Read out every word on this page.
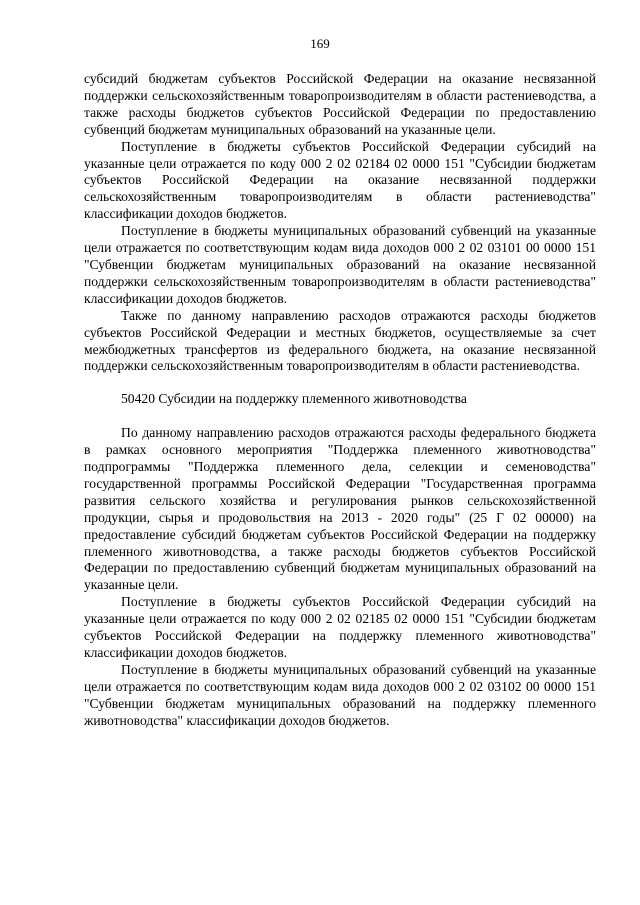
169

субсидий бюджетам субъектов Российской Федерации на оказание несвязанной поддержки сельскохозяйственным товаропроизводителям в области растениеводства, а также расходы бюджетов субъектов Российской Федерации по предоставлению субвенций бюджетам муниципальных образований на указанные цели.

Поступление в бюджеты субъектов Российской Федерации субсидий на указанные цели отражается по коду 000 2 02 02184 02 0000 151 "Субсидии бюджетам субъектов Российской Федерации на оказание несвязанной поддержки сельскохозяйственным товаропроизводителям в области растениеводства" классификации доходов бюджетов.

Поступление в бюджеты муниципальных образований субвенций на указанные цели отражается по соответствующим кодам вида доходов 000 2 02 03101 00 0000 151 "Субвенции бюджетам муниципальных образований на оказание несвязанной поддержки сельскохозяйственным товаропроизводителям в области растениеводства" классификации доходов бюджетов.

Также по данному направлению расходов отражаются расходы бюджетов субъектов Российской Федерации и местных бюджетов, осуществляемые за счет межбюджетных трансфертов из федерального бюджета, на оказание несвязанной поддержки сельскохозяйственным товаропроизводителям в области растениеводства.

50420 Субсидии на поддержку племенного животноводства

По данному направлению расходов отражаются расходы федерального бюджета в рамках основного мероприятия "Поддержка племенного животноводства" подпрограммы "Поддержка племенного дела, селекции и семеноводства" государственной программы Российской Федерации "Государственная программа развития сельского хозяйства и регулирования рынков сельскохозяйственной продукции, сырья и продовольствия на 2013 - 2020 годы" (25 Г 02 00000) на предоставление субсидий бюджетам субъектов Российской Федерации на поддержку племенного животноводства, а также расходы бюджетов субъектов Российской Федерации по предоставлению субвенций бюджетам муниципальных образований на указанные цели.

Поступление в бюджеты субъектов Российской Федерации субсидий на указанные цели отражается по коду 000 2 02 02185 02 0000 151 "Субсидии бюджетам субъектов Российской Федерации на поддержку племенного животноводства" классификации доходов бюджетов.

Поступление в бюджеты муниципальных образований субвенций на указанные цели отражается по соответствующим кодам вида доходов 000 2 02 03102 00 0000 151 "Субвенции бюджетам муниципальных образований на поддержку племенного животноводства" классификации доходов бюджетов.
